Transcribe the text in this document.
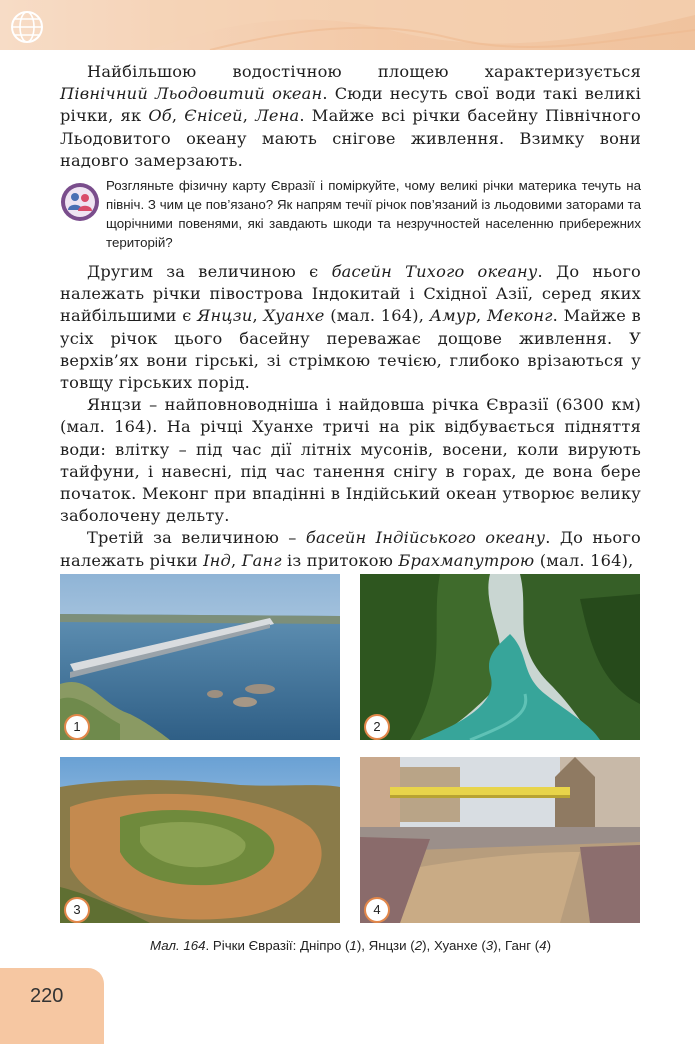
Найбільшою водостічною площею характеризується Північний Льодовитий океан. Сюди несуть свої води такі великі річки, як Об, Єнісей, Лена. Майже всі річки басейну Північного Льодовитого океану мають снігове живлення. Взимку вони надовго замерзають.

Розгляньте фізичну карту Євразії і поміркуйте, чому великі річки материка течуть на північ. З чим це пов’язано? Як напрям течії річок пов’язаний із льодовими заторами та щорічними повенями, які завдають шкоди та незручностей населенню прибережних територій?

Другим за величиною є басейн Тихого океану. До нього належать річки півострова Індокитай і Східної Азії, серед яких найбільшими є Янцзи, Хуанхе (мал. 164), Амур, Меконг. Майже в усіх річок цього басейну переважає дощове живлення. У верхів’ях вони гірські, зі стрімкою течією, глибоко врізаються у товщу гірських порід.

Янцзи – найповноводніша і найдовша річка Євразії (6300 км) (мал. 164). На річці Хуанхе тричі на рік відбувається підняття води: влітку – під час дії літніх мусонів, восени, коли вирують тайфуни, і навесні, під час танення снігу в горах, де вона бере початок. Меконг при впадінні в Індійський океан утворює велику заболочену дельту.

Третій за величиною – басейн Індійського океану. До нього належать річки Інд, Ганг із притокою Брахмапутрою (мал. 164),

1	2
3	4
Мал. 164. Річки Євразії: Дніпро (1), Янцзи (2), Хуанхе (3), Ганг (4)
220
